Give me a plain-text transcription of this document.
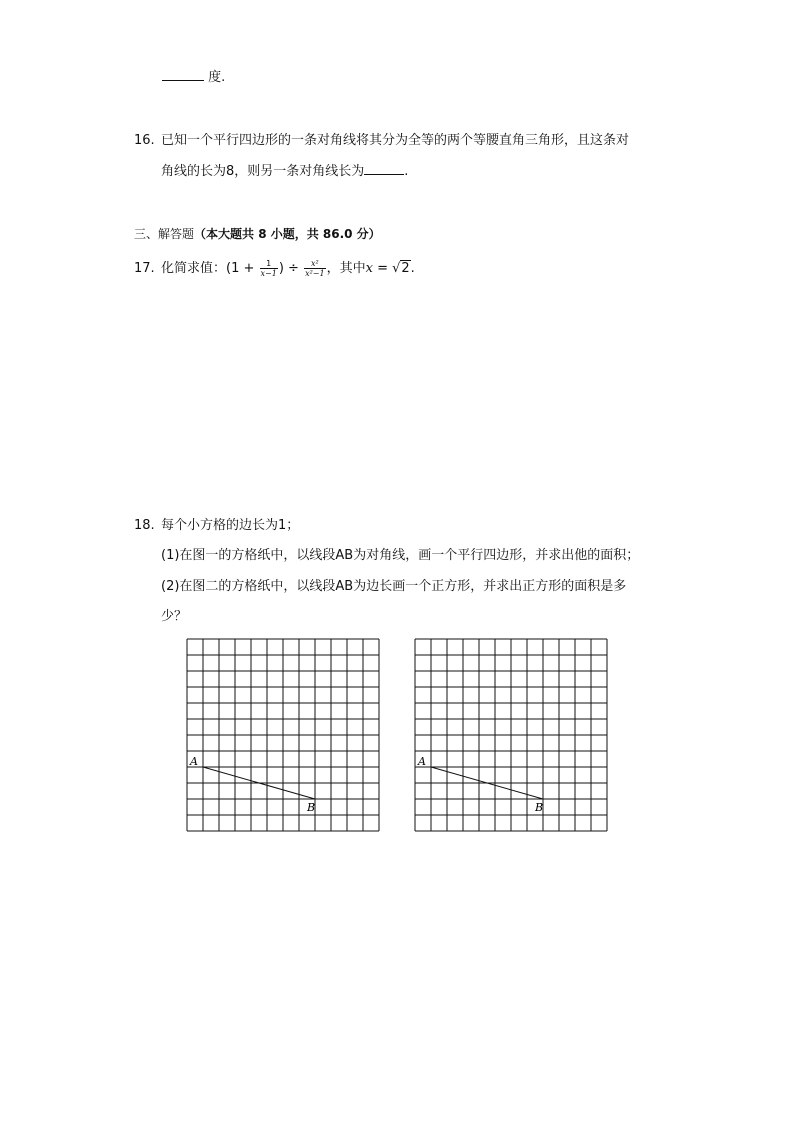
度.
16. 已知一个平行四边形的一条对角线将其分为全等的两个等腰直角三角形，且这条对
角线的长为8，则另一条对角线长为	.
三、解答题（本大题共 8 小题，共 86.0 分）
17. 化简求值：($1 + \frac{1}{x-1}$ ) ÷ $\frac{\text{x²}}{\text{x²−1}}$ ，其中x = √2.
18. 每个小方格的边长为1；
(1)在图一的方格纸中，以线段AB为对角线，画一个平行四边形，并求出他的面积；
(2)在图二的方格纸中，以线段AB为边长画一个正方形，并求出正方形的面积是多
少？
A
B
A
B
